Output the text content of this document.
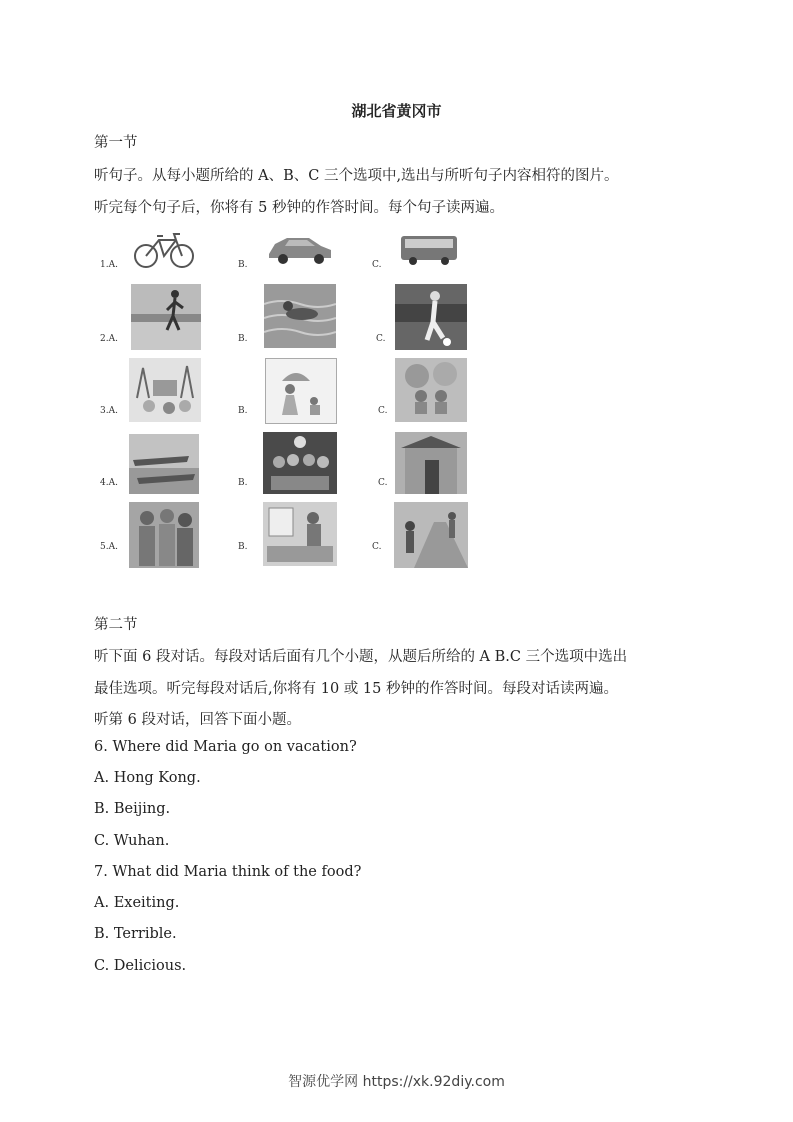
湖北省黄冈市
第一节
听句子。从每小题所给的 A、B、C 三个选项中,选出与所听句子内容相符的图片。
听完每个句子后，你将有 5 秒钟的作答时间。每个句子读两遍。
1.A.	B.	C.
2.A.	B.	C.
3.A.	B.	C.
4.A.	B.	C.
5.A.	B.	C.
第二节
听下面 6 段对话。每段对话后面有几个小题，从题后所给的 A B.C 三个选项中选出
最佳选项。听完每段对话后,你将有 10 或 15 秒钟的作答时间。每段对话读两遍。
听第 6 段对话，回答下面小题。
6. Where did Maria go on vacation?
A. Hong Kong.
B. Beijing.
C. Wuhan.
7. What did Maria think of the food?
A. Exeiting.
B. Terrible.
C. Delicious.
智源优学网 https://xk.92diy.com
